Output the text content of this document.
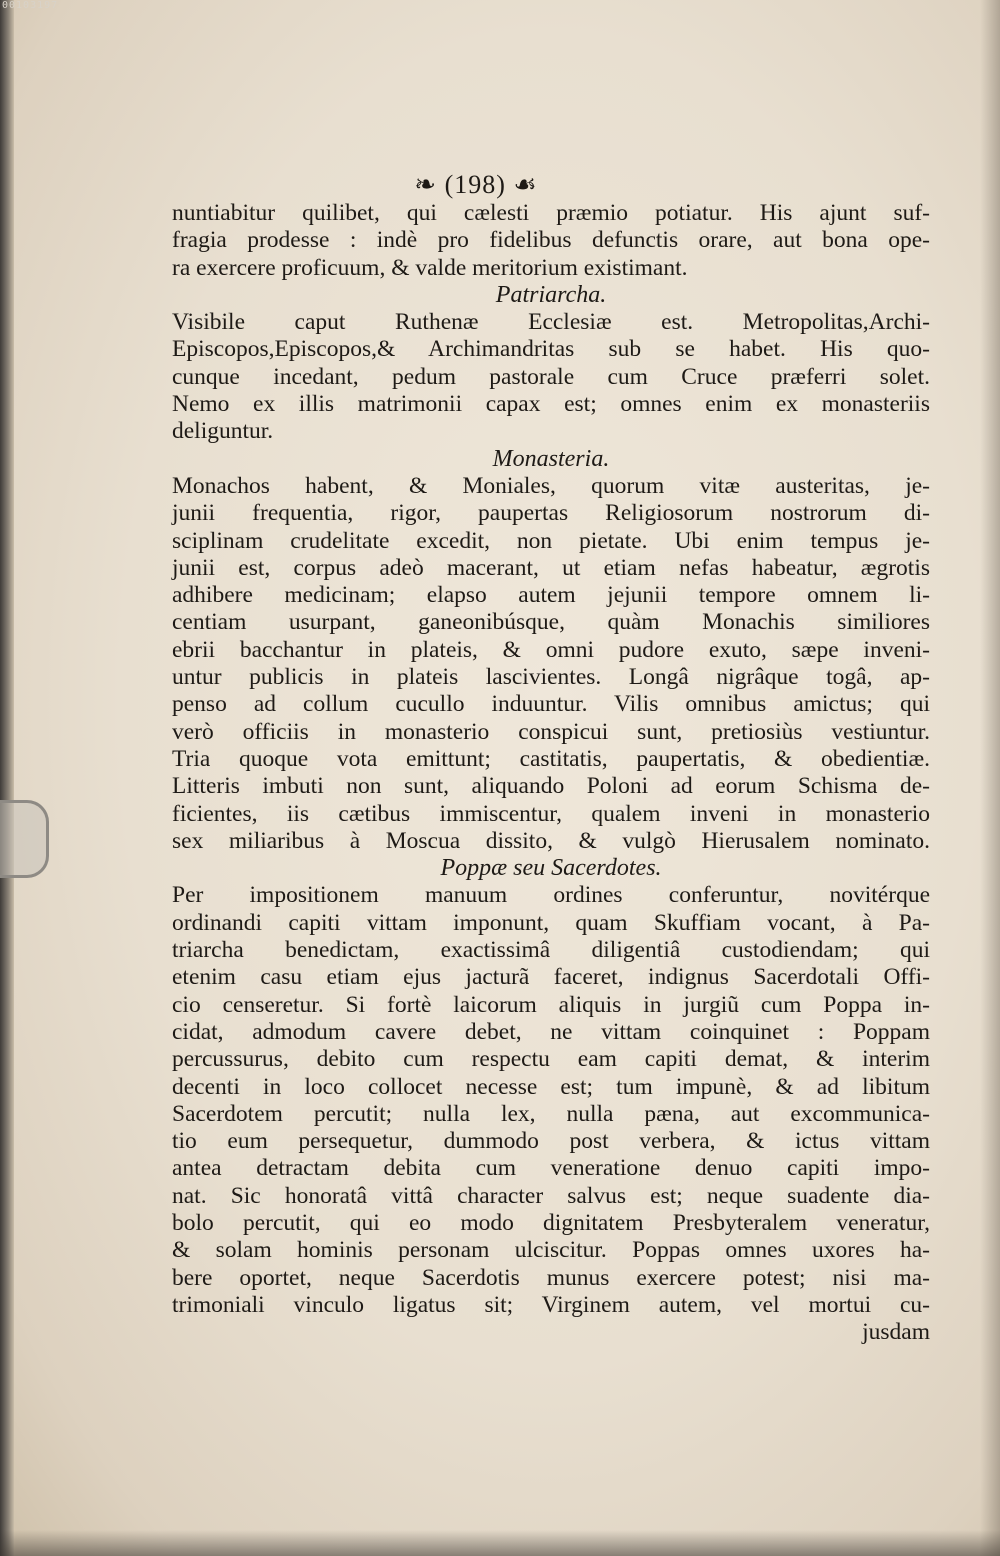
00103197
❧ (198) ☙
nuntiabitur quilibet, qui cælesti præmio potiatur. His ajunt suf-
fragia prodesse : indè pro fidelibus defunctis orare, aut bona ope-
ra exercere proficuum, & valde meritorium existimant.
Patriarcha.
Visibile caput Ruthenæ Ecclesiæ est. Metropolitas,Archi-
Episcopos,Episcopos,& Archimandritas sub se habet. His quo-
cunque incedant, pedum pastorale cum Cruce præferri solet.
Nemo ex illis matrimonii capax est; omnes enim ex monasteriis
deliguntur.
Monasteria.
Monachos habent, & Moniales, quorum vitæ austeritas, je-
junii frequentia, rigor, paupertas Religiosorum nostrorum di-
sciplinam crudelitate excedit, non pietate. Ubi enim tempus je-
junii est, corpus adeò macerant, ut etiam nefas habeatur, ægrotis
adhibere medicinam; elapso autem jejunii tempore omnem li-
centiam usurpant, ganeonibúsque, quàm Monachis similiores
ebrii bacchantur in plateis, & omni pudore exuto, sæpe inveni-
untur publicis in plateis lascivientes. Longâ nigrâque togâ, ap-
penso ad collum cucullo induuntur. Vilis omnibus amictus; qui
verò officiis in monasterio conspicui sunt, pretiosiùs vestiuntur.
Tria quoque vota emittunt; castitatis, paupertatis, & obedientiæ.
Litteris imbuti non sunt, aliquando Poloni ad eorum Schisma de-
ficientes, iis cætibus immiscentur, qualem inveni in monasterio
sex miliaribus à Moscua dissito, & vulgò Hierusalem nominato.
Poppæ seu Sacerdotes.
Per impositionem manuum ordines conferuntur, novitérque
ordinandi capiti vittam imponunt, quam Skuffiam vocant, à Pa-
triarcha benedictam, exactissimâ diligentiâ custodiendam; qui
etenim casu etiam ejus jacturã faceret, indignus Sacerdotali Offi-
cio censeretur. Si fortè laicorum aliquis in jurgiũ cum Poppa in-
cidat, admodum cavere debet, ne vittam coinquinet : Poppam
percussurus, debito cum respectu eam capiti demat, & interim
decenti in loco collocet necesse est; tum impunè, & ad libitum
Sacerdotem percutit; nulla lex, nulla pæna, aut excommunica-
tio eum persequetur, dummodo post verbera, & ictus vittam
antea detractam debita cum veneratione denuo capiti impo-
nat. Sic honoratâ vittâ character salvus est; neque suadente dia-
bolo percutit, qui eo modo dignitatem Presbyteralem veneratur,
& solam hominis personam ulciscitur. Poppas omnes uxores ha-
bere oportet, neque Sacerdotis munus exercere potest; nisi ma-
trimoniali vinculo ligatus sit; Virginem autem, vel mortui cu-
jusdam
